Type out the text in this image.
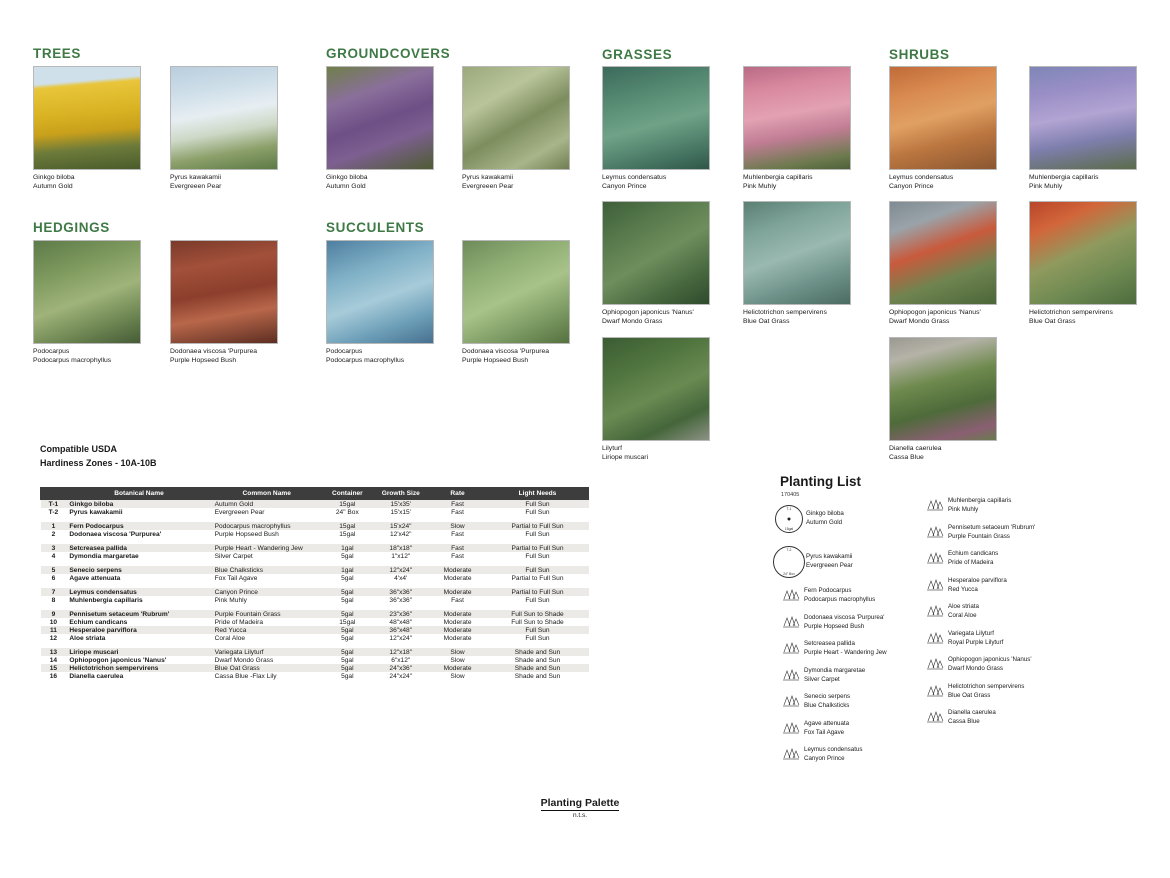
TREES	GROUNDCOVERS	GRASSES	SHRUBS
HEDGINGS	SUCCULENTS
Ginkgo biloba
Autumn Gold
Pyrus kawakamii
Evergreeen Pear
Ginkgo biloba
Autumn Gold
Pyrus kawakamii
Evergreeen Pear
Podocarpus
Podocarpus macrophyllus
Dodonaea viscosa 'Purpurea
Purple Hopseed Bush
Podocarpus
Podocarpus macrophyllus
Dodonaea viscosa 'Purpurea
Purple Hopseed Bush
Leymus condensatus
Canyon Prince
Muhlenbergia capillaris
Pink Muhly
Ophiopogon japonicus 'Nanus'
Dwarf Mondo Grass
Helictotrichon sempervirens
Blue Oat Grass
Lilyturf
Liriope muscari
Leymus condensatus
Canyon Prince
Muhlenbergia capillaris
Pink Muhly
Ophiopogon japonicus 'Nanus'
Dwarf Mondo Grass
Helictotrichon sempervirens
Blue Oat Grass
Dianella caerulea
Cassa Blue
Compatible USDA
Hardiness Zones - 10A-10B
	Botanical Name	Common Name	Container	Growth Size	Rate	Light Needs
T-1	Ginkgo biloba	Autumn Gold	15gal	15'x35'	Fast	Full Sun
T-2	Pyrus kawakamii	Evergreeen Pear	24" Box	15'x15'	Fast	Full Sun

1	Fern Podocarpus	Podocarpus macrophyllus	15gal	15'x24"	Slow	Partial to Full Sun
2	Dodonaea viscosa 'Purpurea'	Purple Hopseed Bush	15gal	12'x42"	Fast	Full Sun

3	Setcreasea pallida	Purple Heart - Wandering Jew	1gal	18"x18"	Fast	Partial to Full Sun
4	Dymondia margaretae	Silver Carpet	5gal	1"x12"	Fast	Full Sun

5	Senecio serpens	Blue Chalksticks	1gal	12"x24"	Moderate	Full Sun
6	Agave attenuata	Fox Tail Agave	5gal	4'x4'	Moderate	Partial to Full Sun

7	Leymus condensatus	Canyon Prince	5gal	36"x36"	Moderate	Partial to Full Sun
8	Muhlenbergia capillaris	Pink Muhly	5gal	36"x36"	Fast	Full Sun

9	Pennisetum setaceum 'Rubrum'	Purple Fountain Grass	5gal	23"x36"	Moderate	Full Sun to Shade
10	Echium candicans	Pride of Madeira	15gal	48"x48"	Moderate	Full Sun to Shade
11	Hesperaloe parviflora	Red Yucca	5gal	36"x48"	Moderate	Full Sun
12	Aloe striata	Coral Aloe	5gal	12"x24"	Moderate	Full Sun

13	Liriope muscari	Variegata Lilyturf	5gal	12"x18"	Slow	Shade and Sun
14	Ophiopogon japonicus 'Nanus'	Dwarf Mondo Grass	5gal	6"x12"	Slow	Shade and Sun
15	Helictotrichon sempervirens	Blue Oat Grass	5gal	24"x36"	Moderate	Shade and Sun
16	Dianella caerulea	Cassa Blue -Flax Lily	5gal	24"x24"	Slow	Shade and Sun
Planting Palette
n.t.s.
Planting List
170405
T-1
15gal
Ginkgo biloba
Autumn Gold
T-2
24" Box
Pyrus kawakamii
Evergreeen Pear
Fern Podocarpus
Podocarpus macrophyllus
Dodonaea viscosa 'Purpurea'
Purple Hopseed Bush
Setcreasea pallida
Purple Heart - Wandering Jew
Dymondia margaretae
Silver Carpet
Senecio serpens
Blue Chalksticks
Agave attenuata
Fox Tail Agave
Leymus condensatus
Canyon Prince
Muhlenbergia capillaris
Pink Muhly
Pennisetum setaceum 'Rubrum'
Purple Fountain Grass
Echium candicans
Pride of Madeira
Hesperaloe parviflora
Red Yucca
Aloe striata
Coral Aloe
Variegata Lilyturf
Royal Purple Lilyturf
Ophiopogon japonicus 'Nanus'
Dwarf Mondo Grass
Helictotrichon sempervirens
Blue Oat Grass
Dianella caerulea
Cassa Blue
